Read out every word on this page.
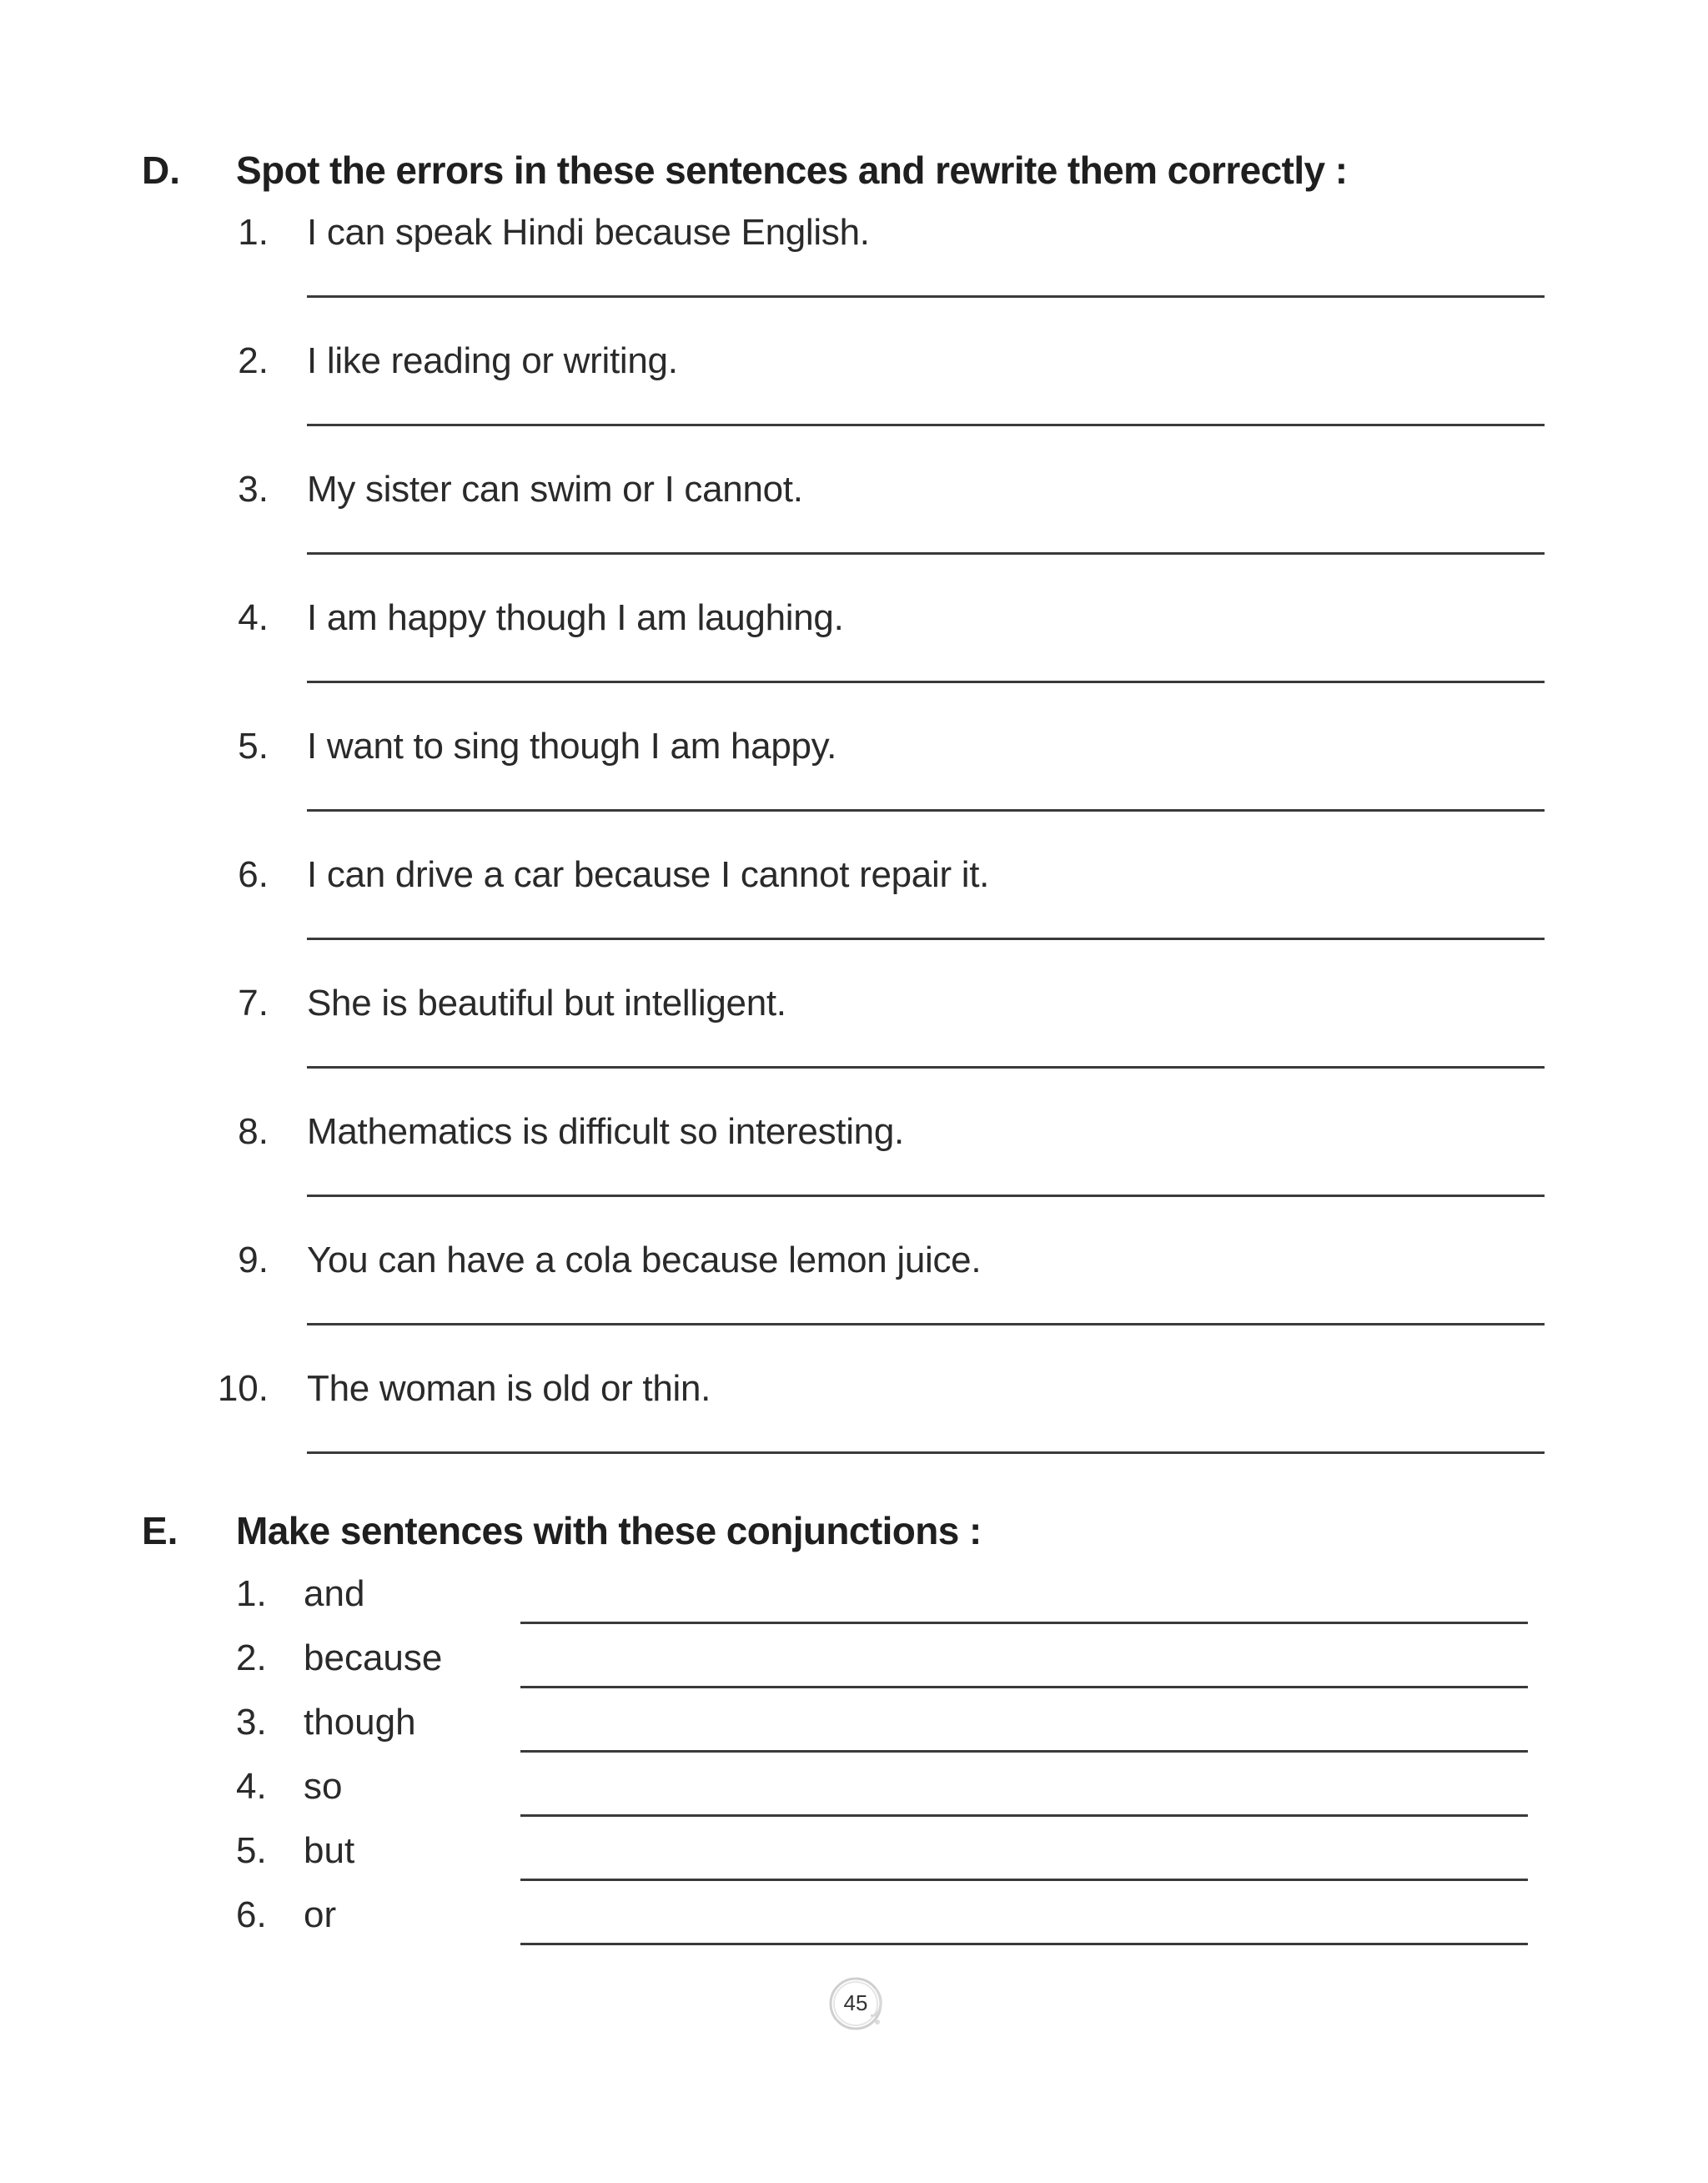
D. Spot the errors in these sentences and rewrite them correctly :
1. I can speak Hindi because English.
2. I like reading or writing.
3. My sister can swim or I cannot.
4. I am happy though I am laughing.
5. I want to sing though I am happy.
6. I can drive a car because I cannot repair it.
7. She is beautiful but intelligent.
8. Mathematics is difficult so interesting.
9. You can have a cola because lemon juice.
10. The woman is old or thin.
E. Make sentences with these conjunctions :
1. and
2. because
3. though
4. so
5. but
6. or
45
